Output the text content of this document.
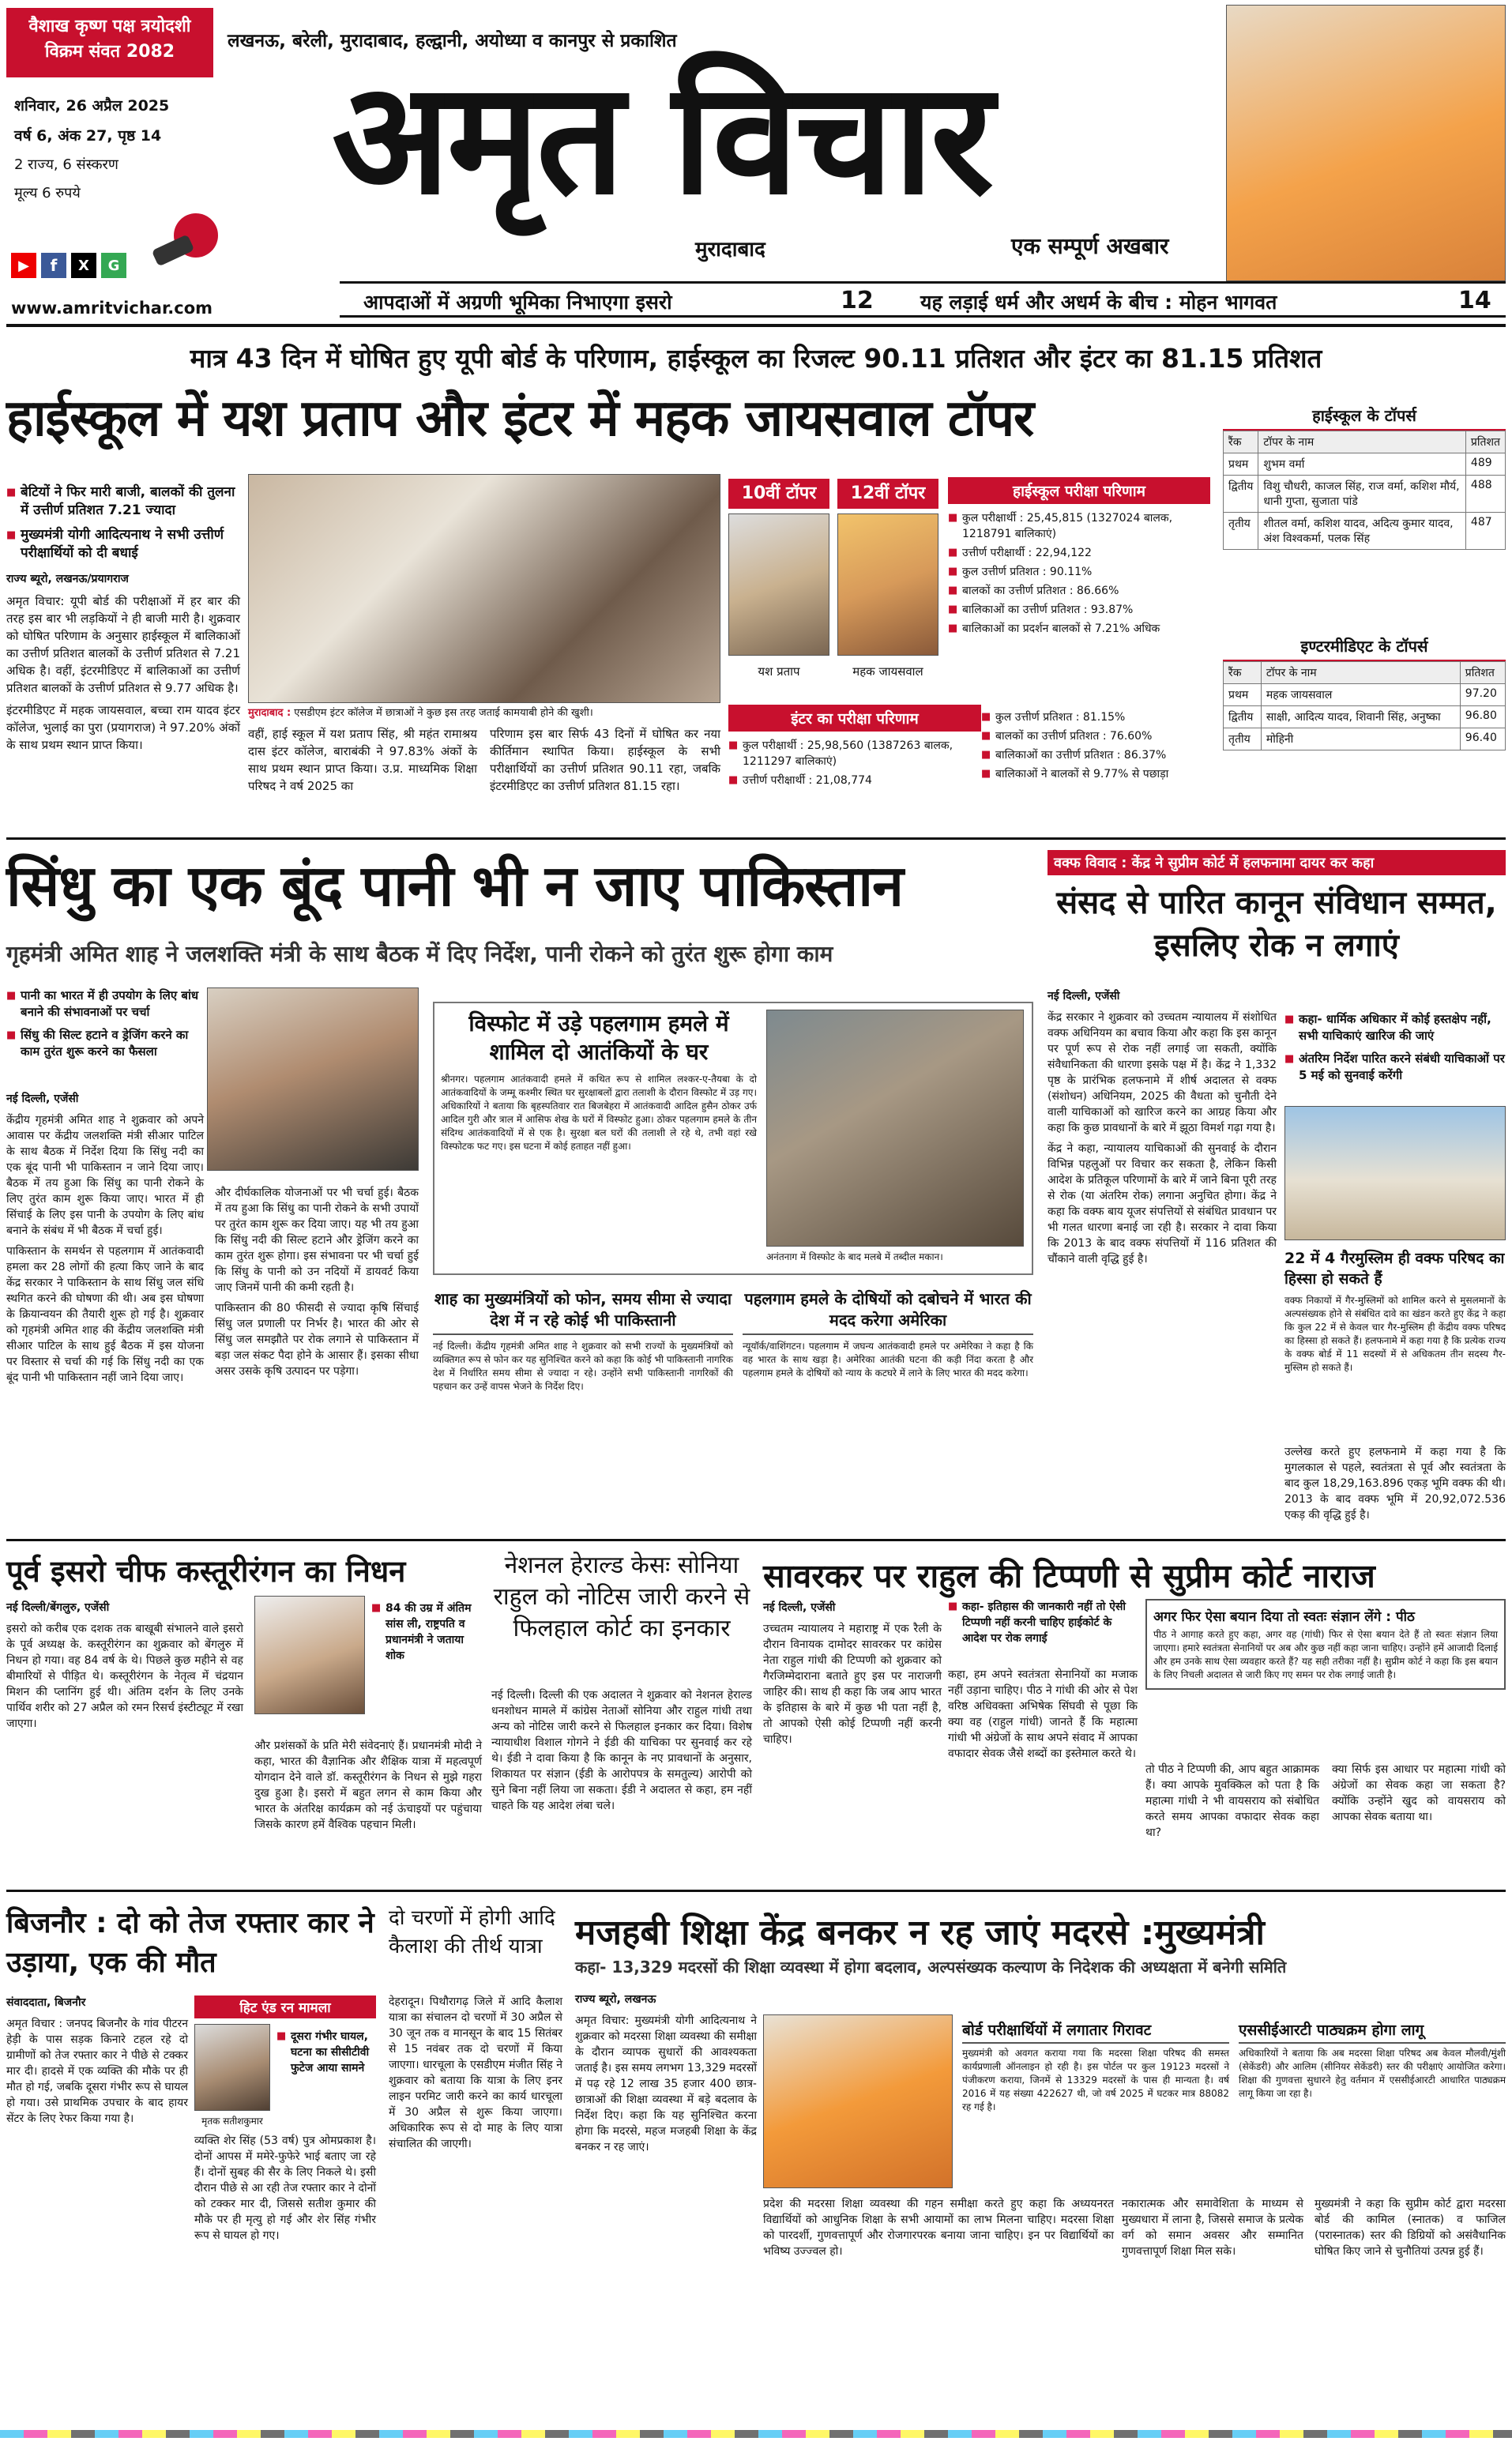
वैशाख कृष्ण पक्ष त्रयोदशी
विक्रम संवत 2082
लखनऊ, बरेली, मुरादाबाद, हल्द्वानी, अयोध्या व कानपुर से प्रकाशित
शनिवार, 26 अप्रैल 2025
वर्ष 6, अंक 27, पृष्ठ 14
2 राज्य, 6 संस्करण
मूल्य 6 रुपये
▶	f	X	G
www.amritvichar.com
अमृत विचार
मुरादाबाद	एक सम्पूर्ण अखबार
आपदाओं में अग्रणी भूमिका निभाएगा इसरो	12 यह लड़ाई धर्म और अधर्म के बीच : मोहन भागवत	14
मात्र 43 दिन में घोषित हुए यूपी बोर्ड के परिणाम, हाईस्कूल का रिजल्ट 90.11 प्रतिशत और इंटर का 81.15 प्रतिशत
हाईस्कूल में यश प्रताप और इंटर में महक जायसवाल टॉपर
■ बेटियों ने फिर मारी बाजी, बालकों की तुलना में उत्तीर्ण प्रतिशत 7.21 ज्यादा
■ मुख्यमंत्री योगी आदित्यनाथ ने सभी उत्तीर्ण परीक्षार्थियों को दी बधाई
राज्य ब्यूरो, लखनऊ/प्रयागराज

अमृत विचार: यूपी बोर्ड की परीक्षाओं में हर बार की तरह इस बार भी लड़कियों ने ही बाजी मारी है। शुक्रवार को घोषित परिणाम के अनुसार हाईस्कूल में बालिकाओं का उत्तीर्ण प्रतिशत बालकों के उत्तीर्ण प्रतिशत से 7.21 अधिक है। वहीं, इंटरमीडिएट में बालिकाओं का उत्तीर्ण प्रतिशत बालकों के उत्तीर्ण प्रतिशत से 9.77 अधिक है।

इंटरमीडिएट में महक जायसवाल, बच्चा राम यादव इंटर कॉलेज, भुलाई का पुरा (प्रयागराज) ने 97.20% अंकों के साथ प्रथम स्थान प्राप्त किया।

मुरादाबाद : एसडीएम इंटर कॉलेज में छात्राओं ने कुछ इस तरह जताई कामयाबी होने की खुशी।
वहीं, हाई स्कूल में यश प्रताप सिंह, श्री महंत रामाश्रय दास इंटर कॉलेज, बाराबंकी ने 97.83% अंकों के साथ प्रथम स्थान प्राप्त किया। उ.प्र. माध्यमिक शिक्षा परिषद ने वर्ष 2025 का
परिणाम इस बार सिर्फ 43 दिनों में घोषित कर नया कीर्तिमान स्थापित किया। हाईस्कूल के सभी परीक्षार्थियों का उत्तीर्ण प्रतिशत 90.11 रहा, जबकि इंटरमीडिएट का उत्तीर्ण प्रतिशत 81.15 रहा।
10वीं टॉपर	12वीं टॉपर
यश प्रताप	महक जायसवाल
हाईस्कूल परीक्षा परिणाम
■ कुल परीक्षार्थी : 25,45,815 (1327024 बालक, 1218791 बालिकाएं)
■ उत्तीर्ण परीक्षार्थी : 22,94,122
■ कुल उत्तीर्ण प्रतिशत : 90.11%
■ बालकों का उत्तीर्ण प्रतिशत : 86.66%
■ बालिकाओं का उत्तीर्ण प्रतिशत : 93.87%
■ बालिकाओं का प्रदर्शन बालकों से 7.21% अधिक
इंटर का परीक्षा परिणाम
■ कुल परीक्षार्थी : 25,98,560 (1387263 बालक, 1211297 बालिकाएं)
■ उत्तीर्ण परीक्षार्थी : 21,08,774
■ कुल उत्तीर्ण प्रतिशत : 81.15%
■ बालकों का उत्तीर्ण प्रतिशत : 76.60%
■ बालिकाओं का उत्तीर्ण प्रतिशत : 86.37%
■ बालिकाओं ने बालकों से 9.77% से पछाड़ा
हाईस्कूल के टॉपर्स
रैंक	टॉपर के नाम	प्रतिशत
प्रथम	शुभम वर्मा	489
द्वितीय	विशु चौधरी, काजल सिंह, राज वर्मा, कशिश मौर्य, धानी गुप्ता, सुजाता पांडे	488
तृतीय	शीतल वर्मा, कशिश यादव, अदित्य कुमार यादव, अंश विश्वकर्मा, पलक सिंह	487
इण्टरमीडिएट के टॉपर्स
रैंक	टॉपर के नाम	प्रतिशत
प्रथम	महक जायसवाल	97.20
द्वितीय	साक्षी, आदित्य यादव, शिवानी सिंह, अनुष्का	96.80
तृतीय	मोहिनी	96.40
सिंधु का एक बूंद पानी भी न जाए पाकिस्तान
गृहमंत्री अमित शाह ने जलशक्ति मंत्री के साथ बैठक में दिए निर्देश, पानी रोकने को तुरंत शुरू होगा काम
■ पानी का भारत में ही उपयोग के लिए बांध बनाने की संभावनाओं पर चर्चा
■ सिंधु की सिल्ट हटाने व ड्रेजिंग करने का काम तुरंत शुरू करने का फैसला
नई दिल्ली, एजेंसी

केंद्रीय गृहमंत्री अमित शाह ने शुक्रवार को अपने आवास पर केंद्रीय जलशक्ति मंत्री सीआर पाटिल के साथ बैठक में निर्देश दिया कि सिंधु नदी का एक बूंद पानी भी पाकिस्तान न जाने दिया जाए। बैठक में तय हुआ कि सिंधु का पानी रोकने के लिए तुरंत काम शुरू किया जाए। भारत में ही सिंचाई के लिए इस पानी के उपयोग के लिए बांध बनाने के संबंध में भी बैठक में चर्चा हुई।

पाकिस्तान के समर्थन से पहलगाम में आतंकवादी हमला कर 28 लोगों की हत्या किए जाने के बाद केंद्र सरकार ने पाकिस्तान के साथ सिंधु जल संधि स्थगित करने की घोषणा की थी। अब इस घोषणा के क्रियान्वयन की तैयारी शुरू हो गई है। शुक्रवार को गृहमंत्री अमित शाह की केंद्रीय जलशक्ति मंत्री सीआर पाटिल के साथ हुई बैठक में इस योजना पर विस्तार से चर्चा की गई कि सिंधु नदी का एक बूंद पानी भी पाकिस्तान नहीं जाने दिया जाए।

और दीर्घकालिक योजनाओं पर भी चर्चा हुई। बैठक में तय हुआ कि सिंधु का पानी रोकने के सभी उपायों पर तुरंत काम शुरू कर दिया जाए। यह भी तय हुआ कि सिंधु नदी की सिल्ट हटाने और ड्रेजिंग करने का काम तुरंत शुरू होगा। इस संभावना पर भी चर्चा हुई कि सिंधु के पानी को उन नदियों में डायवर्ट किया जाए जिनमें पानी की कमी रहती है।

पाकिस्तान की 80 फीसदी से ज्यादा कृषि सिंचाई सिंधु जल प्रणाली पर निर्भर है। भारत की ओर से सिंधु जल समझौते पर रोक लगाने से पाकिस्तान में बड़ा जल संकट पैदा होने के आसार हैं। इसका सीधा असर उसके कृषि उत्पादन पर पड़ेगा।

विस्फोट में उड़े पहलगाम हमले में शामिल दो आतंकियों के घर
श्रीनगर। पहलगाम आतंकवादी हमले में कथित रूप से शामिल लश्कर-ए-तैयबा के दो आतंकवादियों के जम्मू कश्मीर स्थित घर सुरक्षाबलों द्वारा तलाशी के दौरान विस्फोट में उड़ गए। अधिकारियों ने बताया कि बृहस्पतिवार रात बिजबेहरा में आतंकवादी आदिल हुसैन ठोकर उर्फ आदिल गुरी और त्राल में आसिफ शेख के घरों में विस्फोट हुआ। ठोकर पहलगाम हमले के तीन संदिग्ध आतंकवादियों में से एक है। सुरक्षा बल घरों की तलाशी ले रहे थे, तभी वहां रखे विस्फोटक फट गए। इस घटना में कोई हताहत नहीं हुआ।
अनंतनाग में विस्फोट के बाद मलबे में तब्दील मकान।
शाह का मुख्यमंत्रियों को फोन, समय सीमा से ज्यादा देश में न रहे कोई भी पाकिस्तानी
नई दिल्ली। केंद्रीय गृहमंत्री अमित शाह ने शुक्रवार को सभी राज्यों के मुख्यमंत्रियों को व्यक्तिगत रूप से फोन कर यह सुनिश्चित करने को कहा कि कोई भी पाकिस्तानी नागरिक देश में निर्धारित समय सीमा से ज्यादा न रहे। उन्होंने सभी पाकिस्तानी नागरिकों की पहचान कर उन्हें वापस भेजने के निर्देश दिए।
पहलगाम हमले के दोषियों को दबोचने में भारत की मदद करेगा अमेरिका
न्यूयॉर्क/वाशिंगटन। पहलगाम में जघन्य आतंकवादी हमले पर अमेरिका ने कहा है कि वह भारत के साथ खड़ा है। अमेरिका आतंकी घटना की कड़ी निंदा करता है और पहलगाम हमले के दोषियों को न्याय के कटघरे में लाने के लिए भारत की मदद करेगा।
वक्फ विवाद : केंद्र ने सुप्रीम कोर्ट में हलफनामा दायर कर कहा
संसद से पारित कानून संविधान सम्मत, इसलिए रोक न लगाएं
नई दिल्ली, एजेंसी

केंद्र सरकार ने शुक्रवार को उच्चतम न्यायालय में संशोधित वक्फ अधिनियम का बचाव किया और कहा कि इस कानून पर पूर्ण रूप से रोक नहीं लगाई जा सकती, क्योंकि संवैधानिकता की धारणा इसके पक्ष में है। केंद्र ने 1,332 पृष्ठ के प्रारंभिक हलफनामे में शीर्ष अदालत से वक्फ (संशोधन) अधिनियम, 2025 की वैधता को चुनौती देने वाली याचिकाओं को खारिज करने का आग्रह किया और कहा कि कुछ प्रावधानों के बारे में झूठा विमर्श गढ़ा गया है।

केंद्र ने कहा, न्यायालय याचिकाओं की सुनवाई के दौरान विभिन्न पहलुओं पर विचार कर सकता है, लेकिन किसी आदेश के प्रतिकूल परिणामों के बारे में जाने बिना पूरी तरह से रोक (या अंतरिम रोक) लगाना अनुचित होगा। केंद्र ने कहा कि वक्फ बाय यूजर संपत्तियों से संबंधित प्रावधान पर भी गलत धारणा बनाई जा रही है। सरकार ने दावा किया कि 2013 के बाद वक्फ संपत्तियों में 116 प्रतिशत की चौंकाने वाली वृद्धि हुई है।

■ कहा- धार्मिक अधिकार में कोई हस्तक्षेप नहीं, सभी याचिकाएं खारिज की जाएं
■ अंतरिम निर्देश पारित करने संबंधी याचिकाओं पर 5 मई को सुनवाई करेंगी
22 में 4 गैरमुस्लिम ही वक्फ परिषद का हिस्सा हो सकते हैं
वक्फ निकायों में गैर-मुस्लिमों को शामिल करने से मुसलमानों के अल्पसंख्यक होने से संबंधित दावे का खंडन करते हुए केंद्र ने कहा कि कुल 22 में से केवल चार गैर-मुस्लिम ही केंद्रीय वक्फ परिषद का हिस्सा हो सकते हैं। हलफनामे में कहा गया है कि प्रत्येक राज्य के वक्फ बोर्ड में 11 सदस्यों में से अधिकतम तीन सदस्य गैर-मुस्लिम हो सकते हैं।
उल्लेख करते हुए हलफनामे में कहा गया है कि मुगलकाल से पहले, स्वतंत्रता से पूर्व और स्वतंत्रता के बाद कुल 18,29,163.896 एकड़ भूमि वक्फ की थी। 2013 के बाद वक्फ भूमि में 20,92,072.536 एकड़ की वृद्धि हुई है।
पूर्व इसरो चीफ कस्तूरीरंगन का निधन
नई दिल्ली/बेंगलुरु, एजेंसी

इसरो को करीब एक दशक तक बाखूबी संभालने वाले इसरो के पूर्व अध्यक्ष के. कस्तूरीरंगन का शुक्रवार को बेंगलुरु में निधन हो गया। वह 84 वर्ष के थे। पिछले कुछ महीने से वह बीमारियों से पीड़ित थे। कस्तूरीरंगन के नेतृत्व में चंद्रयान मिशन की प्लानिंग हुई थी। अंतिम दर्शन के लिए उनके पार्थिव शरीर को 27 अप्रैल को रमन रिसर्च इंस्टीट्यूट में रखा जाएगा।

■ 84 की उम्र में अंतिम सांस ली, राष्ट्रपति व प्रधानमंत्री ने जताया शोक
और प्रशंसकों के प्रति मेरी संवेदनाएं हैं। प्रधानमंत्री मोदी ने कहा, भारत की वैज्ञानिक और शैक्षिक यात्रा में महत्वपूर्ण योगदान देने वाले डॉ. कस्तूरीरंगन के निधन से मुझे गहरा दुख हुआ है। इसरो में बहुत लगन से काम किया और भारत के अंतरिक्ष कार्यक्रम को नई ऊंचाइयों पर पहुंचाया जिसके कारण हमें वैश्विक पहचान मिली।
नेशनल हेराल्ड केसः सोनिया राहुल को नोटिस जारी करने से फिलहाल कोर्ट का इनकार
नई दिल्ली। दिल्ली की एक अदालत ने शुक्रवार को नेशनल हेराल्ड धनशोधन मामले में कांग्रेस नेताओं सोनिया और राहुल गांधी तथा अन्य को नोटिस जारी करने से फिलहाल इनकार कर दिया। विशेष न्यायाधीश विशाल गोगने ने ईडी की याचिका पर सुनवाई कर रहे थे। ईडी ने दावा किया है कि कानून के नए प्रावधानों के अनुसार, शिकायत पर संज्ञान (ईडी के आरोपपत्र के समतुल्य) आरोपी को सुने बिना नहीं लिया जा सकता। ईडी ने अदालत से कहा, हम नहीं चाहते कि यह आदेश लंबा चले।
सावरकर पर राहुल की टिप्पणी से सुप्रीम कोर्ट नाराज
नई दिल्ली, एजेंसी

उच्चतम न्यायालय ने महाराष्ट्र में एक रैली के दौरान विनायक दामोदर सावरकर पर कांग्रेस नेता राहुल गांधी की टिप्पणी को शुक्रवार को गैरजिम्मेदाराना बताते हुए इस पर नाराजगी जाहिर की। साथ ही कहा कि जब आप भारत के इतिहास के बारे में कुछ भी पता नहीं है, तो आपको ऐसी कोई टिप्पणी नहीं करनी चाहिए।

■ कहा- इतिहास की जानकारी नहीं तो ऐसी टिप्पणी नहीं करनी चाहिए हाईकोर्ट के आदेश पर रोक लगाई
कहा, हम अपने स्वतंत्रता सेनानियों का मजाक नहीं उड़ाना चाहिए। पीठ ने गांधी की ओर से पेश वरिष्ठ अधिवक्ता अभिषेक सिंघवी से पूछा कि क्या वह (राहुल गांधी) जानते हैं कि महात्मा गांधी भी अंग्रेजों के साथ अपने संवाद में आपका वफादार सेवक जैसे शब्दों का इस्तेमाल करते थे।
अगर फिर ऐसा बयान दिया तो स्वतः संज्ञान लेंगे : पीठ
पीठ ने आगाह करते हुए कहा, अगर वह (गांधी) फिर से ऐसा बयान देते हैं तो स्वतः संज्ञान लिया जाएगा। हमारे स्वतंत्रता सेनानियों पर अब और कुछ नहीं कहा जाना चाहिए। उन्होंने हमें आजादी दिलाई और हम उनके साथ ऐसा व्यवहार करते हैं? यह सही तरीका नहीं है। सुप्रीम कोर्ट ने कहा कि इस बयान के लिए निचली अदालत से जारी किए गए समन पर रोक लगाई जाती है।
तो पीठ ने टिप्पणी की, आप बहुत आक्रामक हैं। क्या आपके मुवक्किल को पता है कि महात्मा गांधी ने भी वायसराय को संबोधित करते समय आपका वफादार सेवक कहा था?
क्या सिर्फ इस आधार पर महात्मा गांधी को अंग्रेजों का सेवक कहा जा सकता है? क्योंकि उन्होंने खुद को वायसराय को आपका सेवक बताया था।
बिजनौर : दो को तेज रफ्तार कार ने उड़ाया, एक की मौत
संवाददाता, बिजनौर

अमृत विचार : जनपद बिजनौर के गांव पीटरन हेड़ी के पास सड़क किनारे टहल रहे दो ग्रामीणों को तेज रफ्तार कार ने पीछे से टक्कर मार दी। हादसे में एक व्यक्ति की मौके पर ही मौत हो गई, जबकि दूसरा गंभीर रूप से घायल हो गया। उसे प्राथमिक उपचार के बाद हायर सेंटर के लिए रेफर किया गया है।

हिट एंड रन मामला
मृतक सतीशकुमार
■ दूसरा गंभीर घायल, घटना का सीसीटीवी फुटेज आया सामने
व्यक्ति शेर सिंह (53 वर्ष) पुत्र ओमप्रकाश है। दोनों आपस में ममेरे-फुफेरे भाई बताए जा रहे हैं। दोनों सुबह की सैर के लिए निकले थे। इसी दौरान पीछे से आ रही तेज रफ्तार कार ने दोनों को टक्कर मार दी, जिससे सतीश कुमार की मौके पर ही मृत्यु हो गई और शेर सिंह गंभीर रूप से घायल हो गए।
दो चरणों में होगी आदि कैलाश की तीर्थ यात्रा
देहरादून। पिथौरागढ़ जिले में आदि कैलाश यात्रा का संचालन दो चरणों में 30 अप्रैल से 30 जून तक व मानसून के बाद 15 सितंबर से 15 नवंबर तक दो चरणों में किया जाएगा। धारचूला के एसडीएम मंजीत सिंह ने शुक्रवार को बताया कि यात्रा के लिए इनर लाइन परमिट जारी करने का कार्य धारचूला में 30 अप्रैल से शुरू किया जाएगा। अधिकारिक रूप से दो माह के लिए यात्रा संचालित की जाएगी।
मजहबी शिक्षा केंद्र बनकर न रह जाएं मदरसे :मुख्यमंत्री
कहा- 13,329 मदरसों की शिक्षा व्यवस्था में होगा बदलाव, अल्पसंख्यक कल्याण के निदेशक की अध्यक्षता में बनेगी समिति
राज्य ब्यूरो, लखनऊ

अमृत विचार: मुख्यमंत्री योगी आदित्यनाथ ने शुक्रवार को मदरसा शिक्षा व्यवस्था की समीक्षा के दौरान व्यापक सुधारों की आवश्यकता जताई है। इस समय लगभग 13,329 मदरसों में पढ़ रहे 12 लाख 35 हजार 400 छात्र-छात्राओं की शिक्षा व्यवस्था में बड़े बदलाव के निर्देश दिए। कहा कि यह सुनिश्चित करना होगा कि मदरसे, महज मजहबी शिक्षा के केंद्र बनकर न रह जाएं।

प्रदेश की मदरसा शिक्षा व्यवस्था की गहन समीक्षा करते हुए कहा कि अध्ययनरत विद्यार्थियों को आधुनिक शिक्षा के सभी आयामों का लाभ मिलना चाहिए। मदरसा शिक्षा को पारदर्शी, गुणवत्तापूर्ण और रोजगारपरक बनाया जाना चाहिए। इन पर विद्यार्थियों का भविष्य उज्ज्वल हो।
बोर्ड परीक्षार्थियों में लगातार गिरावट
मुख्यमंत्री को अवगत कराया गया कि मदरसा शिक्षा परिषद की समस्त कार्यप्रणाली ऑनलाइन हो रही है। इस पोर्टल पर कुल 19123 मदरसों ने पंजीकरण कराया, जिनमें से 13329 मदरसों के पास ही मान्यता है। वर्ष 2016 में यह संख्या 422627 थी, जो वर्ष 2025 में घटकर मात्र 88082 रह गई है।
एससीईआरटी पाठ्यक्रम होगा लागू
अधिकारियों ने बताया कि अब मदरसा शिक्षा परिषद अब केवल मौलवी/मुंशी (सेकेंडरी) और आलिम (सीनियर सेकेंडरी) स्तर की परीक्षाएं आयोजित करेगा। शिक्षा की गुणवत्ता सुधारने हेतु वर्तमान में एससीईआरटी आधारित पाठ्यक्रम लागू किया जा रहा है।
नकारात्मक और समावेशिता के माध्यम से मुख्यधारा में लाना है, जिससे समाज के प्रत्येक वर्ग को समान अवसर और सम्मानित गुणवत्तापूर्ण शिक्षा मिल सके।
मुख्यमंत्री ने कहा कि सुप्रीम कोर्ट द्वारा मदरसा बोर्ड की कामिल (स्नातक) व फाजिल (परास्नातक) स्तर की डिग्रियों को असंवैधानिक घोषित किए जाने से चुनौतियां उत्पन्न हुई हैं।
